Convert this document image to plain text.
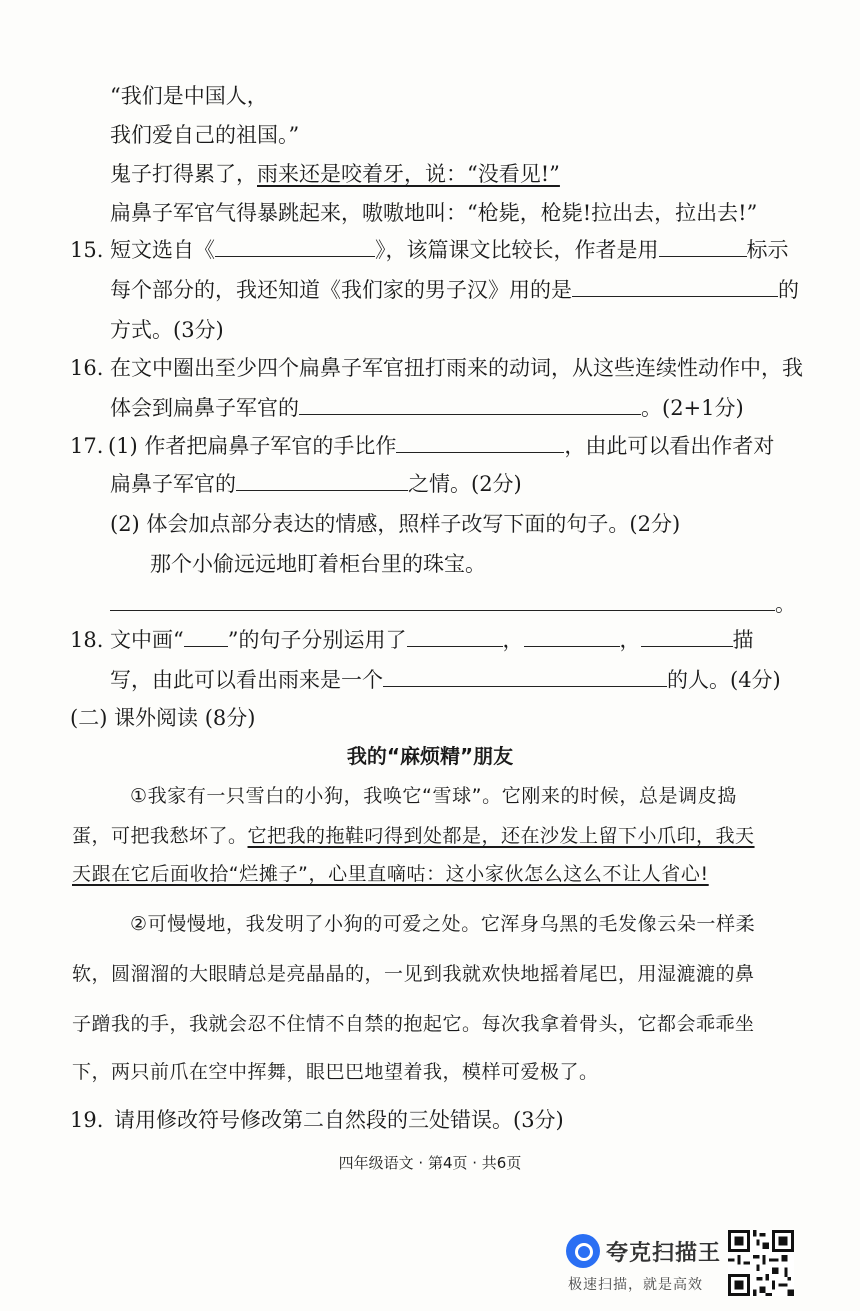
“我们是中国人，
我们爱自己的祖国。”
鬼子打得累了，雨来还是咬着牙，说：“没看见!”
扁鼻子军官气得暴跳起来，嗷嗷地叫：“枪毙，枪毙!拉出去，拉出去!”
15. 短文选自《	》，该篇课文比较长，作者是用	标示
每个部分的，我还知道《我们家的男子汉》用的是	的
方式。(3分)
16. 在文中圈出至少四个扁鼻子军官扭打雨来的动词，从这些连续性动作中，我
体会到扁鼻子军官的	。(2+1分)
17. (1) 作者把扁鼻子军官的手比作	，由此可以看出作者对
扁鼻子军官的	之情。(2分)
(2) 体会加点部分表达的情感，照样子改写下面的句子。(2分)
那个小偷远远地盯着柜台里的珠宝。
。
18. 文中画“ ”的句子分别运用了	，	，	描
写，由此可以看出雨来是一个	的人。(4分)
(二) 课外阅读 (8分)
我的“麻烦精”朋友
①我家有一只雪白的小狗，我唤它“雪球”。它刚来的时候，总是调皮捣
蛋，可把我愁坏了。它把我的拖鞋叼得到处都是，还在沙发上留下小爪印，我天
天跟在它后面收拾“烂摊子”，心里直嘀咕：这小家伙怎么这么不让人省心!
②可慢慢地，我发明了小狗的可爱之处。它浑身乌黑的毛发像云朵一样柔
软，圆溜溜的大眼睛总是亮晶晶的，一见到我就欢快地摇着尾巴，用湿漉漉的鼻
子蹭我的手，我就会忍不住情不自禁的抱起它。每次我拿着骨头，它都会乖乖坐
下，两只前爪在空中挥舞，眼巴巴地望着我，模样可爱极了。
19. 请用修改符号修改第二自然段的三处错误。(3分)
四年级语文 · 第4页 · 共6页
夸克扫描王
极速扫描，就是高效
